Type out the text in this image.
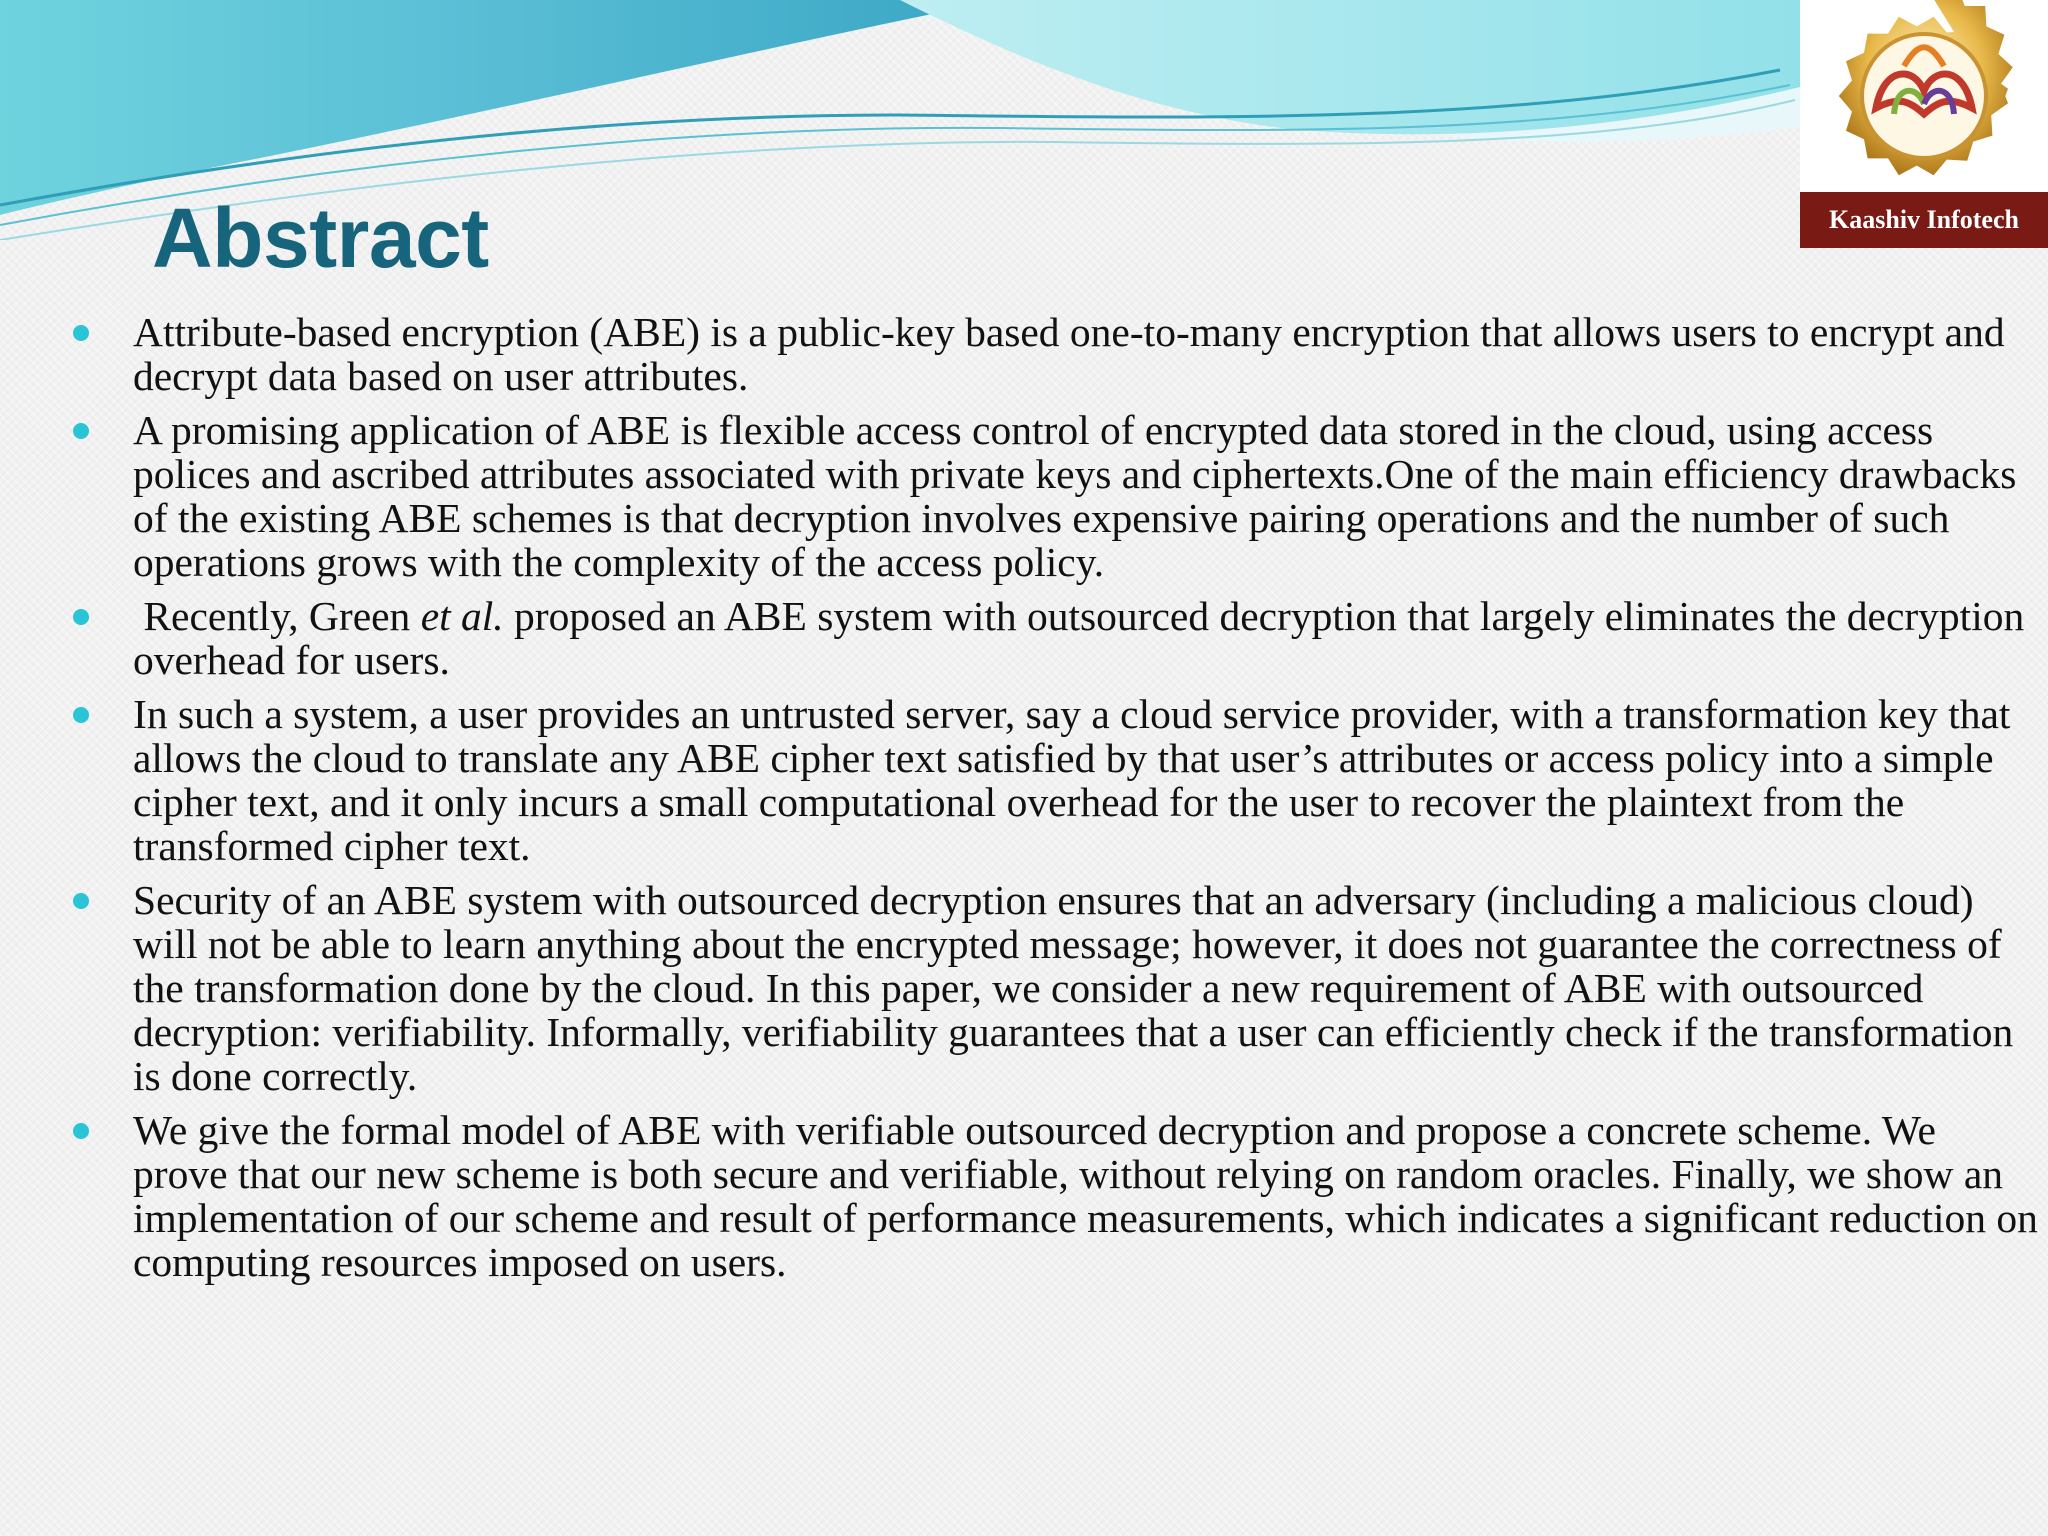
Abstract	Kaashiv Infotech
Attribute-based encryption (ABE) is a public-key based one-to-many encryption that allows users to encrypt and decrypt data based on user attributes.
A promising application of ABE is flexible access control of encrypted data stored in the cloud, using access polices and ascribed attributes associated with private keys and ciphertexts.One of the main efficiency drawbacks of the existing ABE schemes is that decryption involves expensive pairing operations and the number of such operations grows with the complexity of the access policy.
Recently, Green et al. proposed an ABE system with outsourced decryption that largely eliminates the decryption overhead for users.
In such a system, a user provides an untrusted server, say a cloud service provider, with a transformation key that allows the cloud to translate any ABE cipher text satisfied by that user’s attributes or access policy into a simple cipher text, and it only incurs a small computational overhead for the user to recover the plaintext from the transformed cipher text.
Security of an ABE system with outsourced decryption ensures that an adversary (including a malicious cloud) will not be able to learn anything about the encrypted message; however, it does not guarantee the correctness of the transformation done by the cloud. In this paper, we consider a new requirement of ABE with outsourced decryption: verifiability. Informally, verifiability guarantees that a user can efficiently check if the transformation is done correctly.
We give the formal model of ABE with verifiable outsourced decryption and propose a concrete scheme. We prove that our new scheme is both secure and verifiable, without relying on random oracles. Finally, we show an implementation of our scheme and result of performance measurements, which indicates a significant reduction on computing resources imposed on users.
